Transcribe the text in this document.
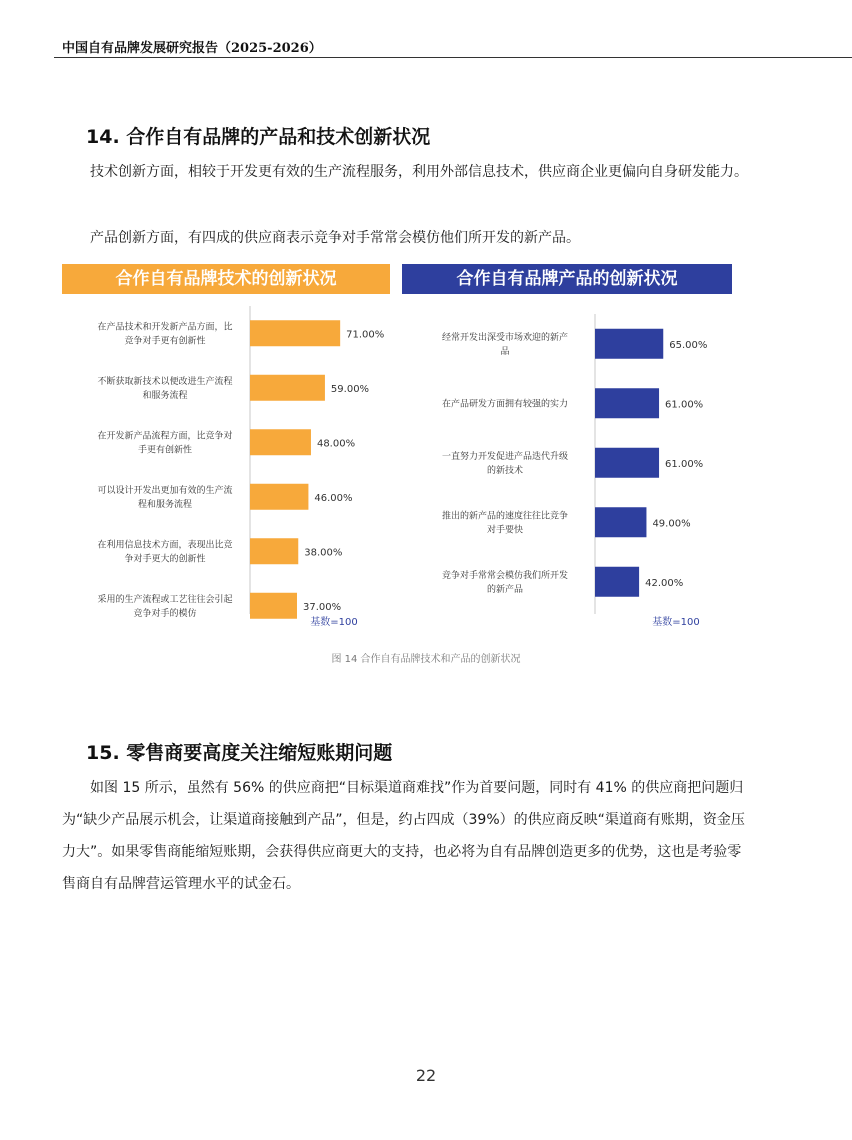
中国自有品牌发展研究报告（2025-2026）
14. 合作自有品牌的产品和技术创新状况
技术创新方面，相较于开发更有效的生产流程服务，利用外部信息技术，供应商企业更偏向自身研发能力。
产品创新方面，有四成的供应商表示竞争对手常常会模仿他们所开发的新产品。
合作自有品牌技术的创新状况
71.00%
在产品技术和开发新产品方面，比
竞争对手更有创新性
59.00%
不断获取新技术以便改进生产流程
和服务流程
48.00%
在开发新产品流程方面，比竞争对
手更有创新性
46.00%
可以设计开发出更加有效的生产流
程和服务流程
38.00%
在利用信息技术方面，表现出比竞
争对手更大的创新性
37.00%
采用的生产流程或工艺往往会引起
竞争对手的模仿
基数=100
合作自有品牌产品的创新状况
65.00%
经常开发出深受市场欢迎的新产
品
61.00%
在产品研发方面拥有较强的实力
61.00%
一直努力开发促进产品迭代升级
的新技术
49.00%
推出的新产品的速度往往比竞争
对手要快
42.00%
竞争对手常常会模仿我们所开发
的新产品
基数=100
图 14 合作自有品牌技术和产品的创新状况
15. 零售商要高度关注缩短账期问题
如图 15 所示，虽然有 56% 的供应商把“目标渠道商难找”作为首要问题，同时有 41% 的供应商把问题归为“缺少产品展示机会，让渠道商接触到产品”，但是，约占四成（39%）的供应商反映“渠道商有账期，资金压力大”。如果零售商能缩短账期，会获得供应商更大的支持，也必将为自有品牌创造更多的优势，这也是考验零售商自有品牌营运管理水平的试金石。
22
